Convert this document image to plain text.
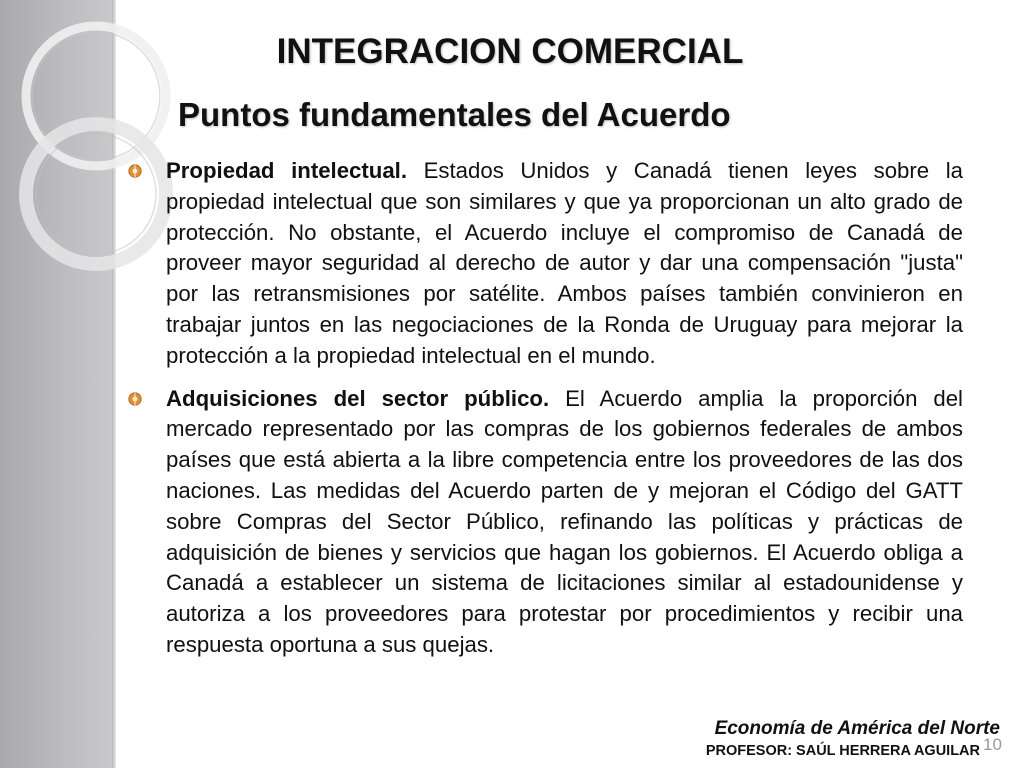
INTEGRACION COMERCIAL
Puntos fundamentales del Acuerdo
Propiedad intelectual. Estados Unidos y Canadá tienen leyes sobre la propiedad intelectual que son similares y que ya proporcionan un alto grado de protección. No obstante, el Acuerdo incluye el compromiso de Canadá de proveer mayor seguridad al derecho de autor y dar una compensación "justa" por las retransmisiones por satélite. Ambos países también convinieron en trabajar juntos en las negociaciones de la Ronda de Uruguay para mejorar la protección a la propiedad intelectual en el mundo.
Adquisiciones del sector público. El Acuerdo amplia la proporción del mercado representado por las compras de los gobiernos federales de ambos países que está abierta a la libre competencia entre los proveedores de las dos naciones. Las medidas del Acuerdo parten de y mejoran el Código del GATT sobre Compras del Sector Público, refinando las políticas y prácticas de adquisición de bienes y servicios que hagan los gobiernos. El Acuerdo obliga a Canadá a establecer un sistema de licitaciones similar al estadounidense y autoriza a los proveedores para protestar por procedimientos y recibir una respuesta oportuna a sus quejas.
Economía de América del Norte
PROFESOR: SAÚL HERRERA AGUILAR 10
